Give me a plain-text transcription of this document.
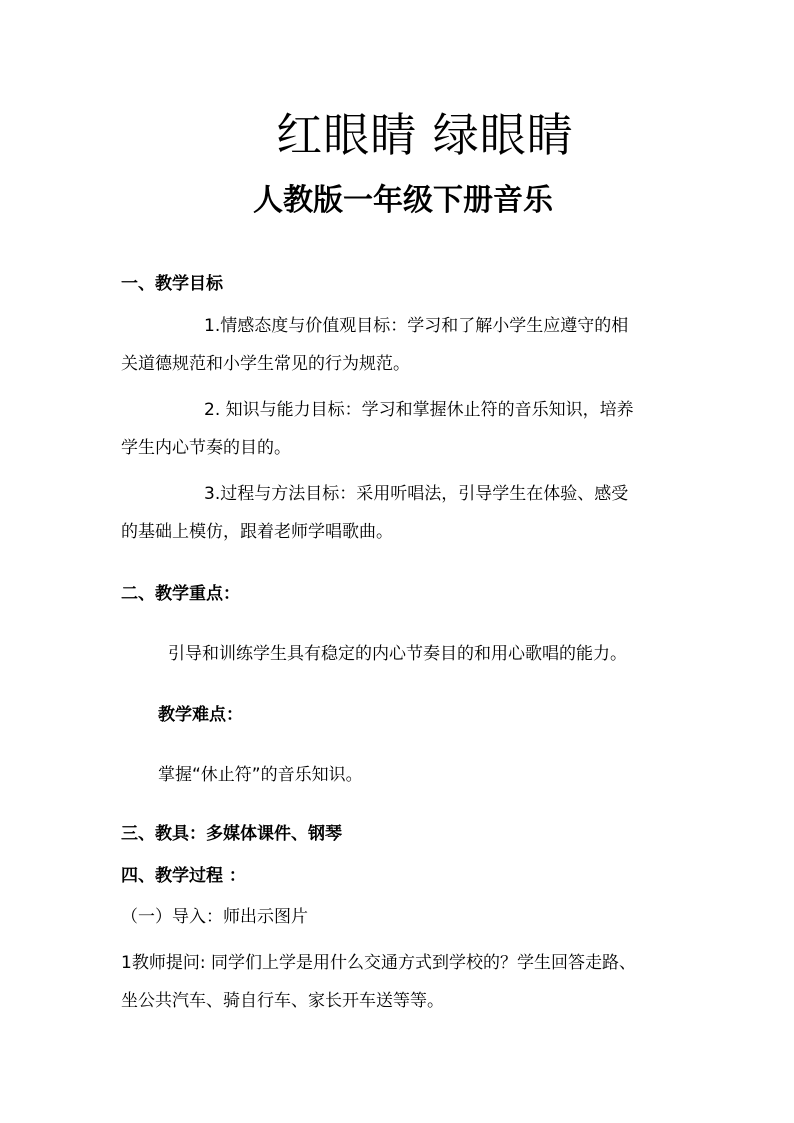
红眼睛 绿眼睛
人教版一年级下册音乐
一、教学目标
1.情感态度与价值观目标：学习和了解小学生应遵守的相
关道德规范和小学生常见的行为规范。
2. 知识与能力目标：学习和掌握休止符的音乐知识，培养
学生内心节奏的目的。
3.过程与方法目标：采用听唱法，引导学生在体验、感受
的基础上模仿，跟着老师学唱歌曲。
二、教学重点：
引导和训练学生具有稳定的内心节奏目的和用心歌唱的能力。
教学难点：
掌握“休止符”的音乐知识。
三、教具：多媒体课件、钢琴
四、教学过程 ：
（一）导入：师出示图片
1教师提问: 同学们上学是用什么交通方式到学校的？学生回答走路、
坐公共汽车、骑自行车、家长开车送等等。
